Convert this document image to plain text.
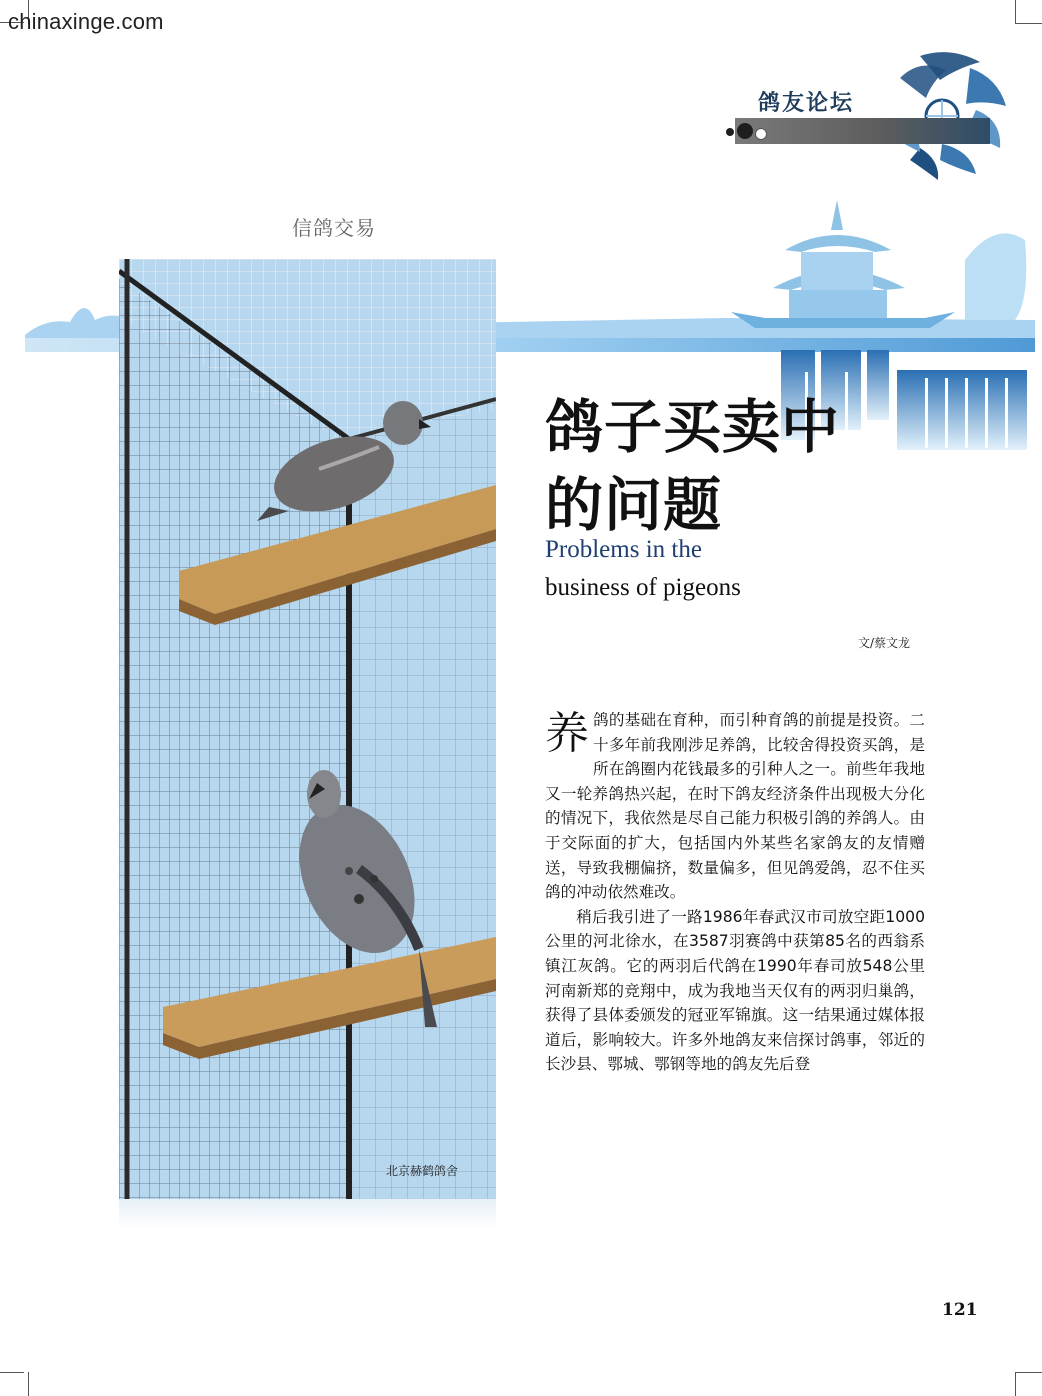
chinaxinge.com
鸽友论坛
信鸽交易
北京赫鹤鸽舍
鸽子买卖中
的问题
Problems in the
business of pigeons
文/蔡文龙

养鸽的基础在育种，而引种育鸽的前提是投资。二十多年前我刚涉足养鸽，比较舍得投资买鸽，是所在鸽圈内花钱最多的引种人之一。前些年我地又一轮养鸽热兴起，在时下鸽友经济条件出现极大分化的情况下，我依然是尽自己能力积极引鸽的养鸽人。由于交际面的扩大，包括国内外某些名家鸽友的友情赠送，导致我棚偏挤，数量偏多，但见鸽爱鸽，忍不住买鸽的冲动依然难改。

稍后我引进了一路1986年春武汉市司放空距1000公里的河北徐水，在3587羽赛鸽中获第85名的西翁系镇江灰鸽。它的两羽后代鸽在1990年春司放548公里河南新郑的竞翔中，成为我地当天仅有的两羽归巢鸽，获得了县体委颁发的冠亚军锦旗。这一结果通过媒体报道后，影响较大。许多外地鸽友来信探讨鸽事，邻近的长沙县、鄂城、鄂钢等地的鸽友先后登

121
